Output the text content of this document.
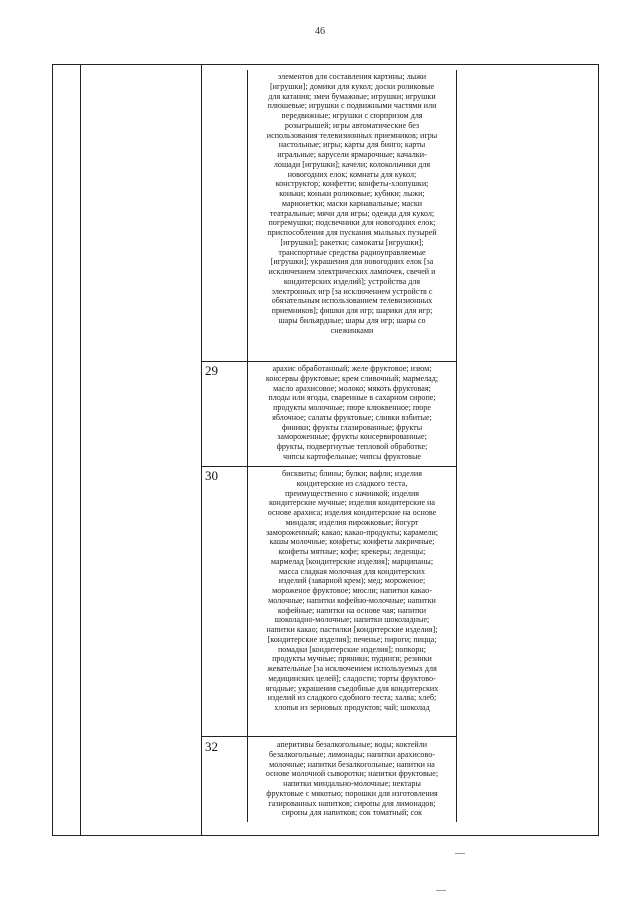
46
элементов для составления картины; лыжи
[игрушки]; домики для кукол; доски роликовые
для катания; змеи бумажные; игрушки; игрушки
плюшевые; игрушки с подвижными частями или
передвижные; игрушки с сюрпризом для
розыгрышей; игры автоматические без
использования телевизионных приемников; игры
настольные; игры; карты для бинго; карты
игральные; карусели ярмарочные; качалки-
лошади [игрушки]; качели; колокольчики для
новогодних елок; комнаты для кукол;
конструктор; конфетти; конфеты-хлопушки;
коньки; коньки роликовые; кубики; лыжи;
марионетки; маски карнавальные; маски
театральные; мячи для игры; одежда для кукол;
погремушки; подсвечники для новогодних елок;
приспособления для пускания мыльных пузырей
[игрушки]; ракетки; самокаты [игрушки];
транспортные средства радиоуправляемые
[игрушки]; украшения для новогодних елок [за
исключением электрических лампочек, свечей и
кондитерских изделий]; устройства для
электронных игр [за исключением устройств с
обязательным использованием телевизионных
приемников]; фишки для игр; шарики для игр;
шары бильярдные; шары для игр; шары со
снежинками
29	арахис обработанный; желе фруктовое; изюм;
консервы фруктовые; крем сливочный; мармелад;
масло арахисовое; молоко; мякоть фруктовая;
плоды или ягоды, сваренные в сахарном сиропе;
продукты молочные; пюре клюквенное; пюре
яблочное; салаты фруктовые; сливки взбитые;
финики; фрукты глазированные; фрукты
замороженные; фрукты консервированные;
фрукты, подвергнутые тепловой обработке;
чипсы картофельные; чипсы фруктовые
30	бисквиты; блины; булки; вафли; изделия
кондитерские из сладкого теста,
преимущественно с начинкой; изделия
кондитерские мучные; изделия кондитерские на
основе арахиса; изделия кондитерские на основе
миндаля; изделия пирожковые; йогурт
замороженный; какао; какао-продукты; карамели;
кашы молочные; конфеты; конфеты лакричные;
конфеты мятные; кофе; крекеры; леденцы;
мармелад [кондитерские изделия]; марципаны;
масса сладкая молочная для кондитерских
изделий (заварной крем); мед; мороженое;
мороженое фруктовое; мюсли; напитки какао-
молочные; напитки кофейно-молочные; напитки
кофейные; напитки на основе чая; напитки
шоколадно-молочные; напитки шоколадные;
напитки какао; пастилки [кондитерские изделия];
[кондитерские изделия]; печенье; пироги; пицца;
помадки [кондитерские изделия]; попкорн;
продукты мучные; пряники; пудинги; резинки
жевательные [за исключением используемых для
медицинских целей]; сладости; торты фруктово-
ягодные; украшения съедобные для кондитерских
изделий из сладкого сдобного теста; халва; хлеб;
хлопья из зерновых продуктов; чай; шоколад
32	аперитивы безалкогольные; воды; коктейли
безалкогольные; лимонады; напитки арахисово-
молочные; напитки безалкогольные; напитки на
основе молочной сыворотки; напитки фруктовые;
напитки миндально-молочные; нектары
фруктовые с мякотью; порошки для изготовления
газированных напитков; сиропы для лимонадов;
сиропы для напитков; сок томатный; сок
